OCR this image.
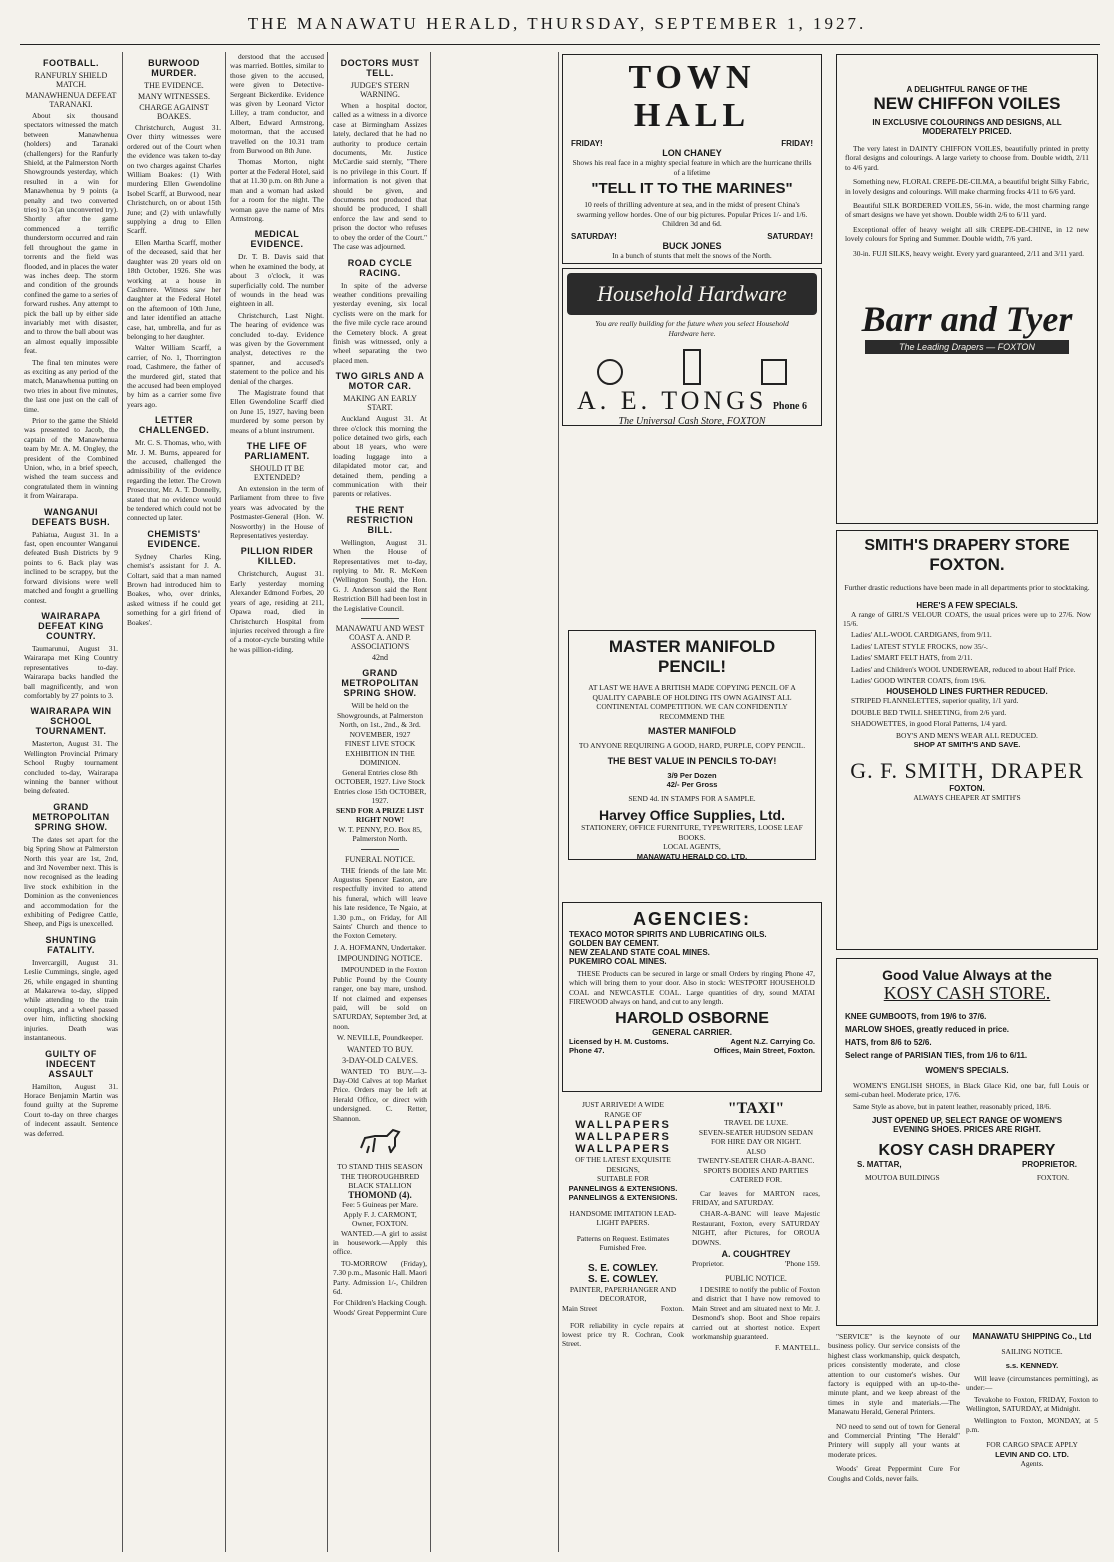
THE MANAWATU HERALD, THURSDAY, SEPTEMBER 1, 1927.
FOOTBALL.
RANFURLY SHIELD MATCH.
MANAWHENUA DEFEAT TARANAKI.
About six thousand spectators witnessed the match between Manawhenua (holders) and Taranaki (challengers) for the Ranfurly Shield, at the Palmerston North Showgrounds yesterday, which resulted in a win for Manawhenua by 9 points (a penalty and two converted tries) to 3 (an unconverted try). Shortly after the game commenced a terrific thunderstorm occurred and rain fell throughout the game in torrents and the field was flooded, and in places the water was inches deep. The storm and condition of the grounds confined the game to a series of forward rushes. Any attempt to pick the ball up by either side invariably met with disaster, and to throw the ball about was an almost equally impossible feat.
The final ten minutes were as exciting as any period of the match, Manawhenua putting on two tries in about five minutes, the last one just on the call of time.
Prior to the game the Shield was presented to Jacob, the captain of the Manawhenua team by Mr. A. M. Ongley, the president of the Combined Union, who, in a brief speech, wished the team success and congratulated them in winning it from Wairarapa.
WANGANUI DEFEATS BUSH.
Pahiatua, August 31. In a fast, open encounter Wanganui defeated Bush Districts by 9 points to 6. Back play was inclined to be scrappy, but the forward divisions were well matched and fought a gruelling contest.
WAIRARAPA DEFEAT KING COUNTRY.
Taumarunui, August 31. Wairarapa met King Country representatives to-day. Wairarapa backs handled the ball magnificently, and won comfortably by 27 points to 3.
WAIRARAPA WIN SCHOOL TOURNAMENT.
Masterton, August 31. The Wellington Provincial Primary School Rugby tournament concluded to-day, Wairarapa winning the banner without being defeated.
GRAND METROPOLITAN SPRING SHOW.
The dates set apart for the big Spring Show at Palmerston North this year are 1st, 2nd, and 3rd November next. This is now recognised as the leading live stock exhibition in the Dominion as the conveniences and accommodation for the exhibiting of Pedigree Cattle, Sheep, and Pigs is unexcelled.
SHUNTING FATALITY.
Invercargill, August 31. Leslie Cummings, single, aged 26, while engaged in shunting at Makarewa to-day, slipped while attending to the train couplings, and a wheel passed over him, inflicting shocking injuries. Death was instantaneous.
GUILTY OF INDECENT ASSAULT
Hamilton, August 31. Horace Benjamin Martin was found guilty at the Supreme Court to-day on three charges of indecent assault. Sentence was deferred.
BURWOOD MURDER.
THE EVIDENCE.
MANY WITNESSES.
CHARGE AGAINST BOAKES.
Christchurch, August 31. Over thirty witnesses were ordered out of the Court when the evidence was taken to-day on two charges against Charles William Boakes: (1) With murdering Ellen Gwendoline Isobel Scarff, at Burwood, near Christchurch, on or about 15th June; and (2) with unlawfully supplying a drug to Ellen Scarff.
Ellen Martha Scarff, mother of the deceased, said that her daughter was 20 years old on 18th October, 1926. She was working at a house in Cashmere. Witness saw her daughter at the Federal Hotel on the afternoon of 10th June, and later identified an attache case, hat, umbrella, and fur as belonging to her daughter.
Walter William Scarff, a carrier, of No. 1, Thorrington road, Cashmere, the father of the murdered girl, stated that the accused had been employed by him as a carrier some five years ago.
LETTER CHALLENGED.
Mr. C. S. Thomas, who, with Mr. J. M. Burns, appeared for the accused, challenged the admissibility of the evidence regarding the letter. The Crown Prosecutor, Mr. A. T. Donnelly, stated that no evidence would be tendered which could not be connected up later.
CHEMISTS' EVIDENCE.
Sydney Charles King, chemist's assistant for J. A. Coltart, said that a man named Brown had introduced him to Boakes, who, over drinks, asked witness if he could get something for a girl friend of Boakes'.
derstood that the accused was married. Bottles, similar to those given to the accused, were given to Detective-Sergeant Bickerdike. Evidence was given by Leonard Victor Lilley, a tram conductor, and Albert, Edward Armstrong, motorman, that the accused travelled on the 10.31 tram from Burwood on 8th June.
Thomas Morton, night porter at the Federal Hotel, said that at 11.30 p.m. on 8th June a man and a woman had asked for a room for the night. The woman gave the name of Mrs Armstrong.
MEDICAL EVIDENCE.
Dr. T. B. Davis said that when he examined the body, at about 3 o'clock, it was superficially cold. The number of wounds in the head was eighteen in all.
Christchurch, Last Night. The hearing of evidence was concluded to-day. Evidence was given by the Government analyst, detectives re the spanner, and accused's statement to the police and his denial of the charges.
The Magistrate found that Ellen Gwendoline Scarff died on June 15, 1927, having been murdered by some person by means of a blunt instrument.
THE LIFE OF PARLIAMENT.
SHOULD IT BE EXTENDED?
An extension in the term of Parliament from three to five years was advocated by the Postmaster-General (Hon. W. Nosworthy) in the House of Representatives yesterday.
PILLION RIDER KILLED.
Christchurch, August 31. Early yesterday morning Alexander Edmond Forbes, 20 years of age, residing at 211, Opawa road, died in Christchurch Hospital from injuries received through a fire of a motor-cycle bursting while he was pillion-riding.
DOCTORS MUST TELL.
JUDGE'S STERN WARNING.
When a hospital doctor, called as a witness in a divorce case at Birmingham Assizes lately, declared that he had no authority to produce certain documents, Mr. Justice McCardie said sternly, "There is no privilege in this Court. If information is not given that should be given, and documents not produced that should be produced, I shall enforce the law and send to prison the doctor who refuses to obey the order of the Court." The case was adjourned.
ROAD CYCLE RACING.
In spite of the adverse weather conditions prevailing yesterday evening, six local cyclists were on the mark for the five mile cycle race around the Cemetery block. A great finish was witnessed, only a wheel separating the two placed men.
TWO GIRLS AND A MOTOR CAR.
MAKING AN EARLY START.
Auckland August 31. At three o'clock this morning the police detained two girls, each about 18 years, who were loading luggage into a dilapidated motor car, and detained them, pending a communication with their parents or relatives.
THE RENT RESTRICTION BILL.
Wellington, August 31. When the House of Representatives met to-day, replying to Mr. R. McKeen (Wellington South), the Hon. G. J. Anderson said the Rent Restriction Bill had been lost in the Legislative Council.
MANAWATU AND WEST COAST A. AND P. ASSOCIATION'S
42nd
GRAND METROPOLITAN SPRING SHOW.
Will be held on the Showgrounds, at Palmerston North, on 1st., 2nd., & 3rd. NOVEMBER, 1927
FINEST LIVE STOCK EXHIBITION IN THE DOMINION.
General Entries close 8th OCTOBER, 1927. Live Stock Entries close 15th OCTOBER, 1927.
SEND FOR A PRIZE LIST RIGHT NOW!
W. T. PENNY, P.O. Box 85, Palmerston North.
FUNERAL NOTICE.
THE friends of the late Mr. Augustus Spencer Easton, are respectfully invited to attend his funeral, which will leave his late residence, Te Ngaio, at 1.30 p.m., on Friday, for All Saints' Church and thence to the Foxton Cemetery.
J. A. HOFMANN, Undertaker.
IMPOUNDING NOTICE.
IMPOUNDED in the Foxton Public Pound by the County ranger, one bay mare, unshod. If not claimed and expenses paid, will be sold on SATURDAY, September 3rd, at noon.
W. NEVILLE, Poundkeeper.
WANTED TO BUY.
3-DAY-OLD CALVES.
WANTED TO BUY.—3-Day-Old Calves at top Market Price. Orders may be left at Herald Office, or direct with undersigned. C. Retter, Shannon.
TO STAND THIS SEASON
THE THOROUGHBRED BLACK STALLION
THOMOND (4).
Fee: 5 Guineas per Mare.
Apply F. J. CARMONT, Owner, FOXTON.
WANTED.—A girl to assist in housework.—Apply this office.
TO-MORROW (Friday), 7.30 p.m., Masonic Hall. Maori Party. Admission 1/-, Children 6d.
For Children's Hacking Cough. Woods' Great Peppermint Cure
TOWN HALL
FRIDAY!	FRIDAY!
LON CHANEY
Shows his real face in a mighty special feature in which are the hurricane thrills of a lifetime
"TELL IT TO THE MARINES"
10 reels of thrilling adventure at sea, and in the midst of present China's swarming yellow hordes. One of our big pictures. Popular Prices 1/- and 1/6. Children 3d and 6d.
SATURDAY!	SATURDAY!
BUCK JONES
In a bunch of stunts that melt the snows of the North.
Household Hardware
You are really building for the future when you select Household Hardware here.
A. E. TONGS Phone 6
The Universal Cash Store, FOXTON
MASTER MANIFOLD PENCIL!
AT LAST WE HAVE A BRITISH MADE COPYING PENCIL OF A QUALITY CAPABLE OF HOLDING ITS OWN AGAINST ALL CONTINENTAL COMPETITION. WE CAN CONFIDENTLY RECOMMEND THE
MASTER MANIFOLD
TO ANYONE REQUIRING A GOOD, HARD, PURPLE, COPY PENCIL.
THE BEST VALUE IN PENCILS TO-DAY!
3/9 Per Dozen
42/- Per Gross
SEND 4d. IN STAMPS FOR A SAMPLE.
Harvey Office Supplies, Ltd.
STATIONERY, OFFICE FURNITURE, TYPEWRITERS, LOOSE LEAF BOOKS.
LOCAL AGENTS,
MANAWATU HERALD CO. LTD.
AGENCIES:
TEXACO MOTOR SPIRITS AND LUBRICATING OILS.
GOLDEN BAY CEMENT.
NEW ZEALAND STATE COAL MINES.
PUKEMIRO COAL MINES.
THESE Products can be secured in large or small Orders by ringing Phone 47, which will bring them to your door. Also in stock: WESTPORT HOUSEHOLD COAL and NEWCASTLE COAL. Large quantities of dry, sound MATAI FIREWOOD always on hand, and cut to any length.
HAROLD OSBORNE
GENERAL CARRIER.
Licensed by H. M. Customs.	Agent N.Z. Carrying Co.
Phone 47.	Offices, Main Street, Foxton.
JUST ARRIVED! A WIDE
RANGE OF
WALLPAPERS
WALLPAPERS
WALLPAPERS
OF THE LATEST EXQUISITE DESIGNS,
SUITABLE FOR
PANNELINGS & EXTENSIONS.
PANNELINGS & EXTENSIONS.
HANDSOME IMITATION LEAD-LIGHT PAPERS.
Patterns on Request. Estimates Furnished Free.
S. E. COWLEY.
S. E. COWLEY.
PAINTER, PAPERHANGER AND DECORATOR,
Main Street	Foxton.
FOR reliability in cycle repairs at lowest price try R. Cochran, Cook Street.
"TAXI"
TRAVEL DE LUXE.
SEVEN-SEATER HUDSON SEDAN FOR HIRE DAY OR NIGHT.
ALSO
TWENTY-SEATER CHAR-A-BANC.
SPORTS BODIES AND PARTIES CATERED FOR.
Car leaves for MARTON races, FRIDAY, and SATURDAY.
CHAR-A-BANC will leave Majestic Restaurant, Foxton, every SATURDAY NIGHT, after Pictures, for OROUA DOWNS.
A. COUGHTREY
Proprietor.	'Phone 159.
PUBLIC NOTICE.
I DESIRE to notify the public of Foxton and district that I have now removed to Main Street and am situated next to Mr. J. Desmond's shop. Boot and Shoe repairs carried out at shortest notice. Expert workmanship guaranteed.
F. MANTELL.
A DELIGHTFUL RANGE OF THE
NEW CHIFFON VOILES
IN EXCLUSIVE COLOURINGS AND DESIGNS, ALL
MODERATELY PRICED.
The very latest in DAINTY CHIFFON VOILES, beautifully printed in pretty floral designs and colourings. A large variety to choose from. Double width, 2/11 to 4/6 yard.
Something new, FLORAL CREPE-DE-CILMA, a beautiful bright Silky Fabric, in lovely designs and colourings. Will make charming frocks 4/11 to 6/6 yard.
Beautiful SILK BORDERED VOILES, 56-in. wide, the most charming range of smart designs we have yet shown. Double width 2/6 to 6/11 yard.
Exceptional offer of heavy weight all silk CREPE-DE-CHINE, in 12 new lovely colours for Spring and Summer. Double width, 7/6 yard.
30-in. FUJI SILKS, heavy weight. Every yard guaranteed, 2/11 and 3/11 yard.
Barr and Tyer
The Leading Drapers — FOXTON
SMITH'S DRAPERY STORE
FOXTON.
Further drastic reductions have been made in all departments prior to stocktaking.
HERE'S A FEW SPECIALS.
A range of GIRL'S VELOUR COATS, the usual prices were up to 27/6. Now 15/6.
Ladies' ALL-WOOL CARDIGANS, from 9/11.
Ladies' LATEST STYLE FROCKS, now 35/-.
Ladies' SMART FELT HATS, from 2/11.
Ladies' and Children's WOOL UNDERWEAR, reduced to about Half Price.
Ladies' GOOD WINTER COATS, from 19/6.
HOUSEHOLD LINES FURTHER REDUCED.
STRIPED FLANNELETTES, superior quality, 1/1 yard.
DOUBLE BED TWILL SHEETING, from 2/6 yard.
SHADOWETTES, in good Floral Patterns, 1/4 yard.
BOY'S AND MEN'S WEAR ALL REDUCED.
SHOP AT SMITH'S AND SAVE.
G. F. SMITH, DRAPER
FOXTON.
ALWAYS CHEAPER AT SMITH'S
Good Value Always at the
KOSY CASH STORE.
KNEE GUMBOOTS, from 19/6 to 37/6.
MARLOW SHOES, greatly reduced in price.
HATS, from 8/6 to 52/6.
Select range of PARISIAN TIES, from 1/6 to 6/11.
WOMEN'S SPECIALS.
WOMEN'S ENGLISH SHOES, in Black Glace Kid, one bar, full Louis or semi-cuban heel. Moderate price, 17/6.
Same Style as above, but in patent leather, reasonably priced, 18/6.
JUST OPENED UP, SELECT RANGE OF WOMEN'S
EVENING SHOES. PRICES ARE RIGHT.
KOSY CASH DRAPERY
S. MATTAR,	PROPRIETOR.
MOUTOA BUILDINGS	FOXTON.
"SERVICE" is the keynote of our business policy. Our service consists of the highest class workmanship, quick despatch, prices consistently moderate, and close attention to our customer's wishes. Our factory is equipped with an up-to-the-minute plant, and we keep abreast of the times in style and materials.—The Manawatu Herald, General Printers.
NO need to send out of town for General and Commercial Printing "The Herald" Printery will supply all your wants at moderate prices.
Woods' Great Peppermint Cure For Coughs and Colds, never fails.
MANAWATU SHIPPING Co., Ltd
SAILING NOTICE.
s.s. KENNEDY.
Will leave (circumstances permitting), as under:—
Tevakohe to Foxton, FRIDAY, Foxton to Wellington, SATURDAY, at Midnight.
Wellington to Foxton, MONDAY, at 5 p.m.
FOR CARGO SPACE APPLY
LEVIN AND CO. LTD.
Agents.
